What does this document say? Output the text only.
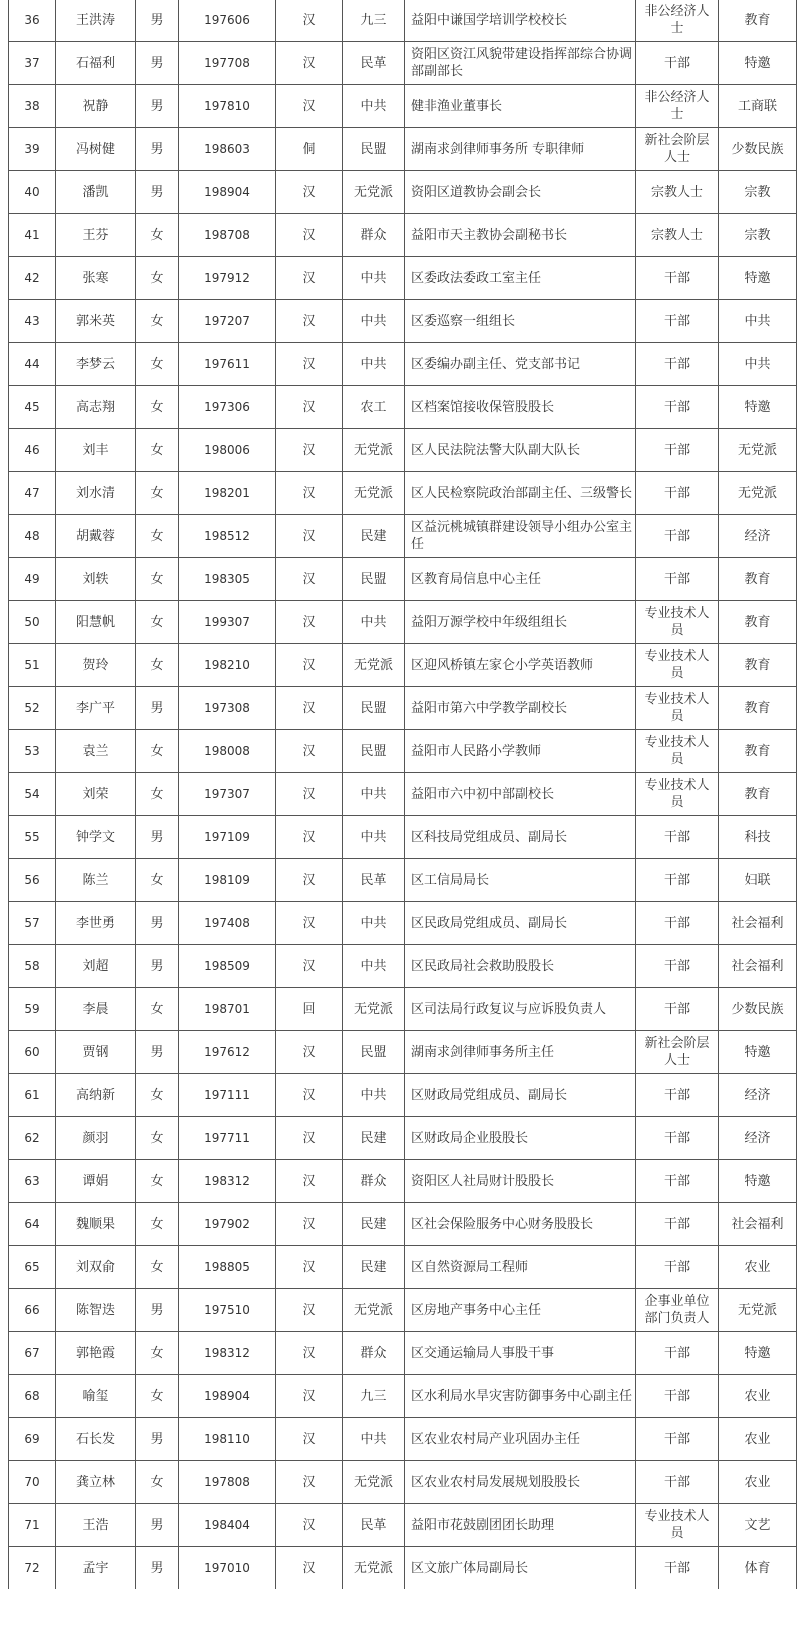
36	王洪涛	男	197606	汉	九三	益阳中谦国学培训学校校长	非公经济人士	教育
37	石福利	男	197708	汉	民革	资阳区资江风貌带建设指挥部综合协调部副部长	干部	特邀
38	祝静	男	197810	汉	中共	健非渔业董事长	非公经济人士	工商联
39	冯树健	男	198603	侗	民盟	湖南求剑律师事务所 专职律师	新社会阶层人士	少数民族
40	潘凯	男	198904	汉	无党派	资阳区道教协会副会长	宗教人士	宗教
41	王芬	女	198708	汉	群众	益阳市天主教协会副秘书长	宗教人士	宗教
42	张寒	女	197912	汉	中共	区委政法委政工室主任	干部	特邀
43	郭米英	女	197207	汉	中共	区委巡察一组组长	干部	中共
44	李梦云	女	197611	汉	中共	区委编办副主任、党支部书记	干部	中共
45	高志翔	女	197306	汉	农工	区档案馆接收保管股股长	干部	特邀
46	刘丰	女	198006	汉	无党派	区人民法院法警大队副大队长	干部	无党派
47	刘水清	女	198201	汉	无党派	区人民检察院政治部副主任、三级警长	干部	无党派
48	胡戴蓉	女	198512	汉	民建	区益沅桃城镇群建设领导小组办公室主任	干部	经济
49	刘轶	女	198305	汉	民盟	区教育局信息中心主任	干部	教育
50	阳慧帆	女	199307	汉	中共	益阳万源学校中年级组组长	专业技术人员	教育
51	贺玲	女	198210	汉	无党派	区迎风桥镇左家仑小学英语教师	专业技术人员	教育
52	李广平	男	197308	汉	民盟	益阳市第六中学教学副校长	专业技术人员	教育
53	袁兰	女	198008	汉	民盟	益阳市人民路小学教师	专业技术人员	教育
54	刘荣	女	197307	汉	中共	益阳市六中初中部副校长	专业技术人员	教育
55	钟学文	男	197109	汉	中共	区科技局党组成员、副局长	干部	科技
56	陈兰	女	198109	汉	民革	区工信局局长	干部	妇联
57	李世勇	男	197408	汉	中共	区民政局党组成员、副局长	干部	社会福利
58	刘超	男	198509	汉	中共	区民政局社会救助股股长	干部	社会福利
59	李晨	女	198701	回	无党派	区司法局行政复议与应诉股负责人	干部	少数民族
60	贾钢	男	197612	汉	民盟	湖南求剑律师事务所主任	新社会阶层人士	特邀
61	高纳新	女	197111	汉	中共	区财政局党组成员、副局长	干部	经济
62	颜羽	女	197711	汉	民建	区财政局企业股股长	干部	经济
63	谭娟	女	198312	汉	群众	资阳区人社局财计股股长	干部	特邀
64	魏顺果	女	197902	汉	民建	区社会保险服务中心财务股股长	干部	社会福利
65	刘双俞	女	198805	汉	民建	区自然资源局工程师	干部	农业
66	陈智迭	男	197510	汉	无党派	区房地产事务中心主任	企事业单位部门负责人	无党派
67	郭艳霞	女	198312	汉	群众	区交通运输局人事股干事	干部	特邀
68	喻玺	女	198904	汉	九三	区水利局水旱灾害防御事务中心副主任	干部	农业
69	石长发	男	198110	汉	中共	区农业农村局产业巩固办主任	干部	农业
70	龚立林	女	197808	汉	无党派	区农业农村局发展规划股股长	干部	农业
71	王浩	男	198404	汉	民革	益阳市花鼓剧团团长助理	专业技术人员	文艺
72	孟宇	男	197010	汉	无党派	区文旅广体局副局长	干部	体育
